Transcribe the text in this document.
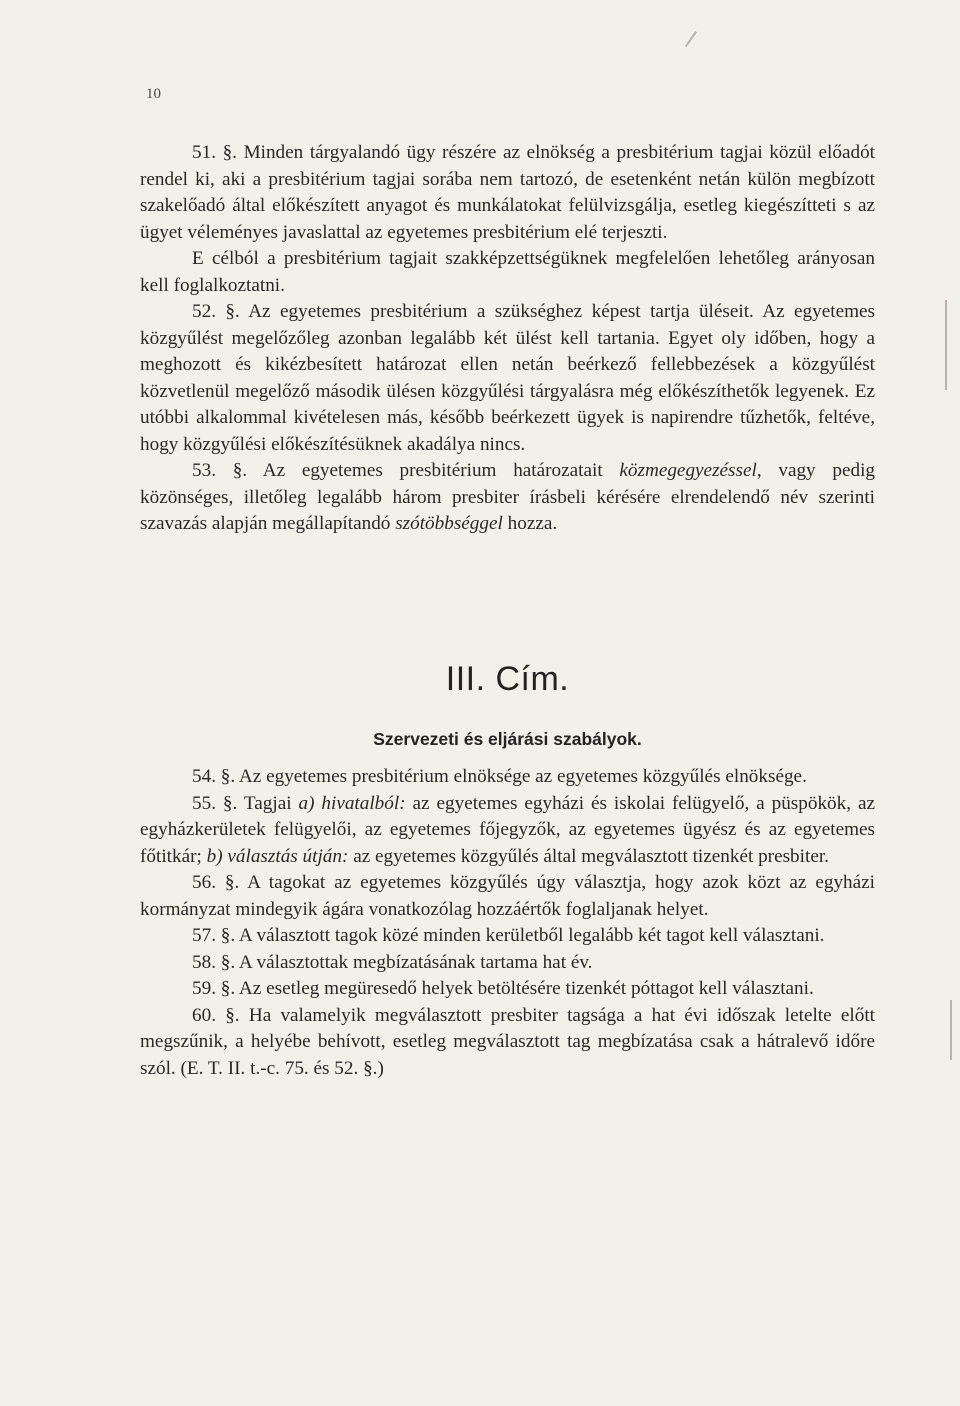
10

51. §. Minden tárgyalandó ügy részére az elnökség a presbitérium tagjai közül előadót rendel ki, aki a presbitérium tagjai sorába nem tartozó, de esetenként netán külön megbízott szakelőadó által előkészített anyagot és munkálatokat felülvizsgálja, esetleg kiegészítteti s az ügyet véleményes javaslattal az egyetemes presbitérium elé terjeszti.

E célból a presbitérium tagjait szakképzettségüknek megfelelően lehetőleg arányosan kell foglalkoztatni.

52. §. Az egyetemes presbitérium a szükséghez képest tartja üléseit. Az egyetemes közgyűlést megelőzőleg azonban legalább két ülést kell tartania. Egyet oly időben, hogy a meghozott és kikézbesített határozat ellen netán beérkező fellebbezések a közgyűlést közvetlenül megelőző második ülésen közgyűlési tárgyalásra még előkészíthetők legyenek. Ez utóbbi alkalommal kivételesen más, később beérkezett ügyek is napirendre tűzhetők, feltéve, hogy közgyűlési előkészítésüknek akadálya nincs.

53. §. Az egyetemes presbitérium határozatait közmegegyezéssel, vagy pedig közönséges, illetőleg legalább három presbiter írásbeli kérésére elrendelendő név szerinti szavazás alapján megállapítandó szótöbbséggel hozza.

III. Cím.
Szervezeti és eljárási szabályok.

54. §. Az egyetemes presbitérium elnöksége az egyetemes közgyűlés elnöksége.

55. §. Tagjai a) hivatalból: az egyetemes egyházi és iskolai felügyelő, a püspökök, az egyházkerületek felügyelői, az egyetemes főjegyzők, az egyetemes ügyész és az egyetemes főtitkár; b) választás útján: az egyetemes közgyűlés által megválasztott tizenkét presbiter.

56. §. A tagokat az egyetemes közgyűlés úgy választja, hogy azok közt az egyházi kormányzat mindegyik ágára vonatkozólag hozzáértők foglaljanak helyet.

57. §. A választott tagok közé minden kerületből legalább két tagot kell választani.

58. §. A választottak megbízatásának tartama hat év.

59. §. Az esetleg megüresedő helyek betöltésére tizenkét póttagot kell választani.

60. §. Ha valamelyik megválasztott presbiter tagsága a hat évi időszak letelte előtt megszűnik, a helyébe behívott, esetleg megválasztott tag megbízatása csak a hátralevő időre szól. (E. T. II. t.-c. 75. és 52. §.)
